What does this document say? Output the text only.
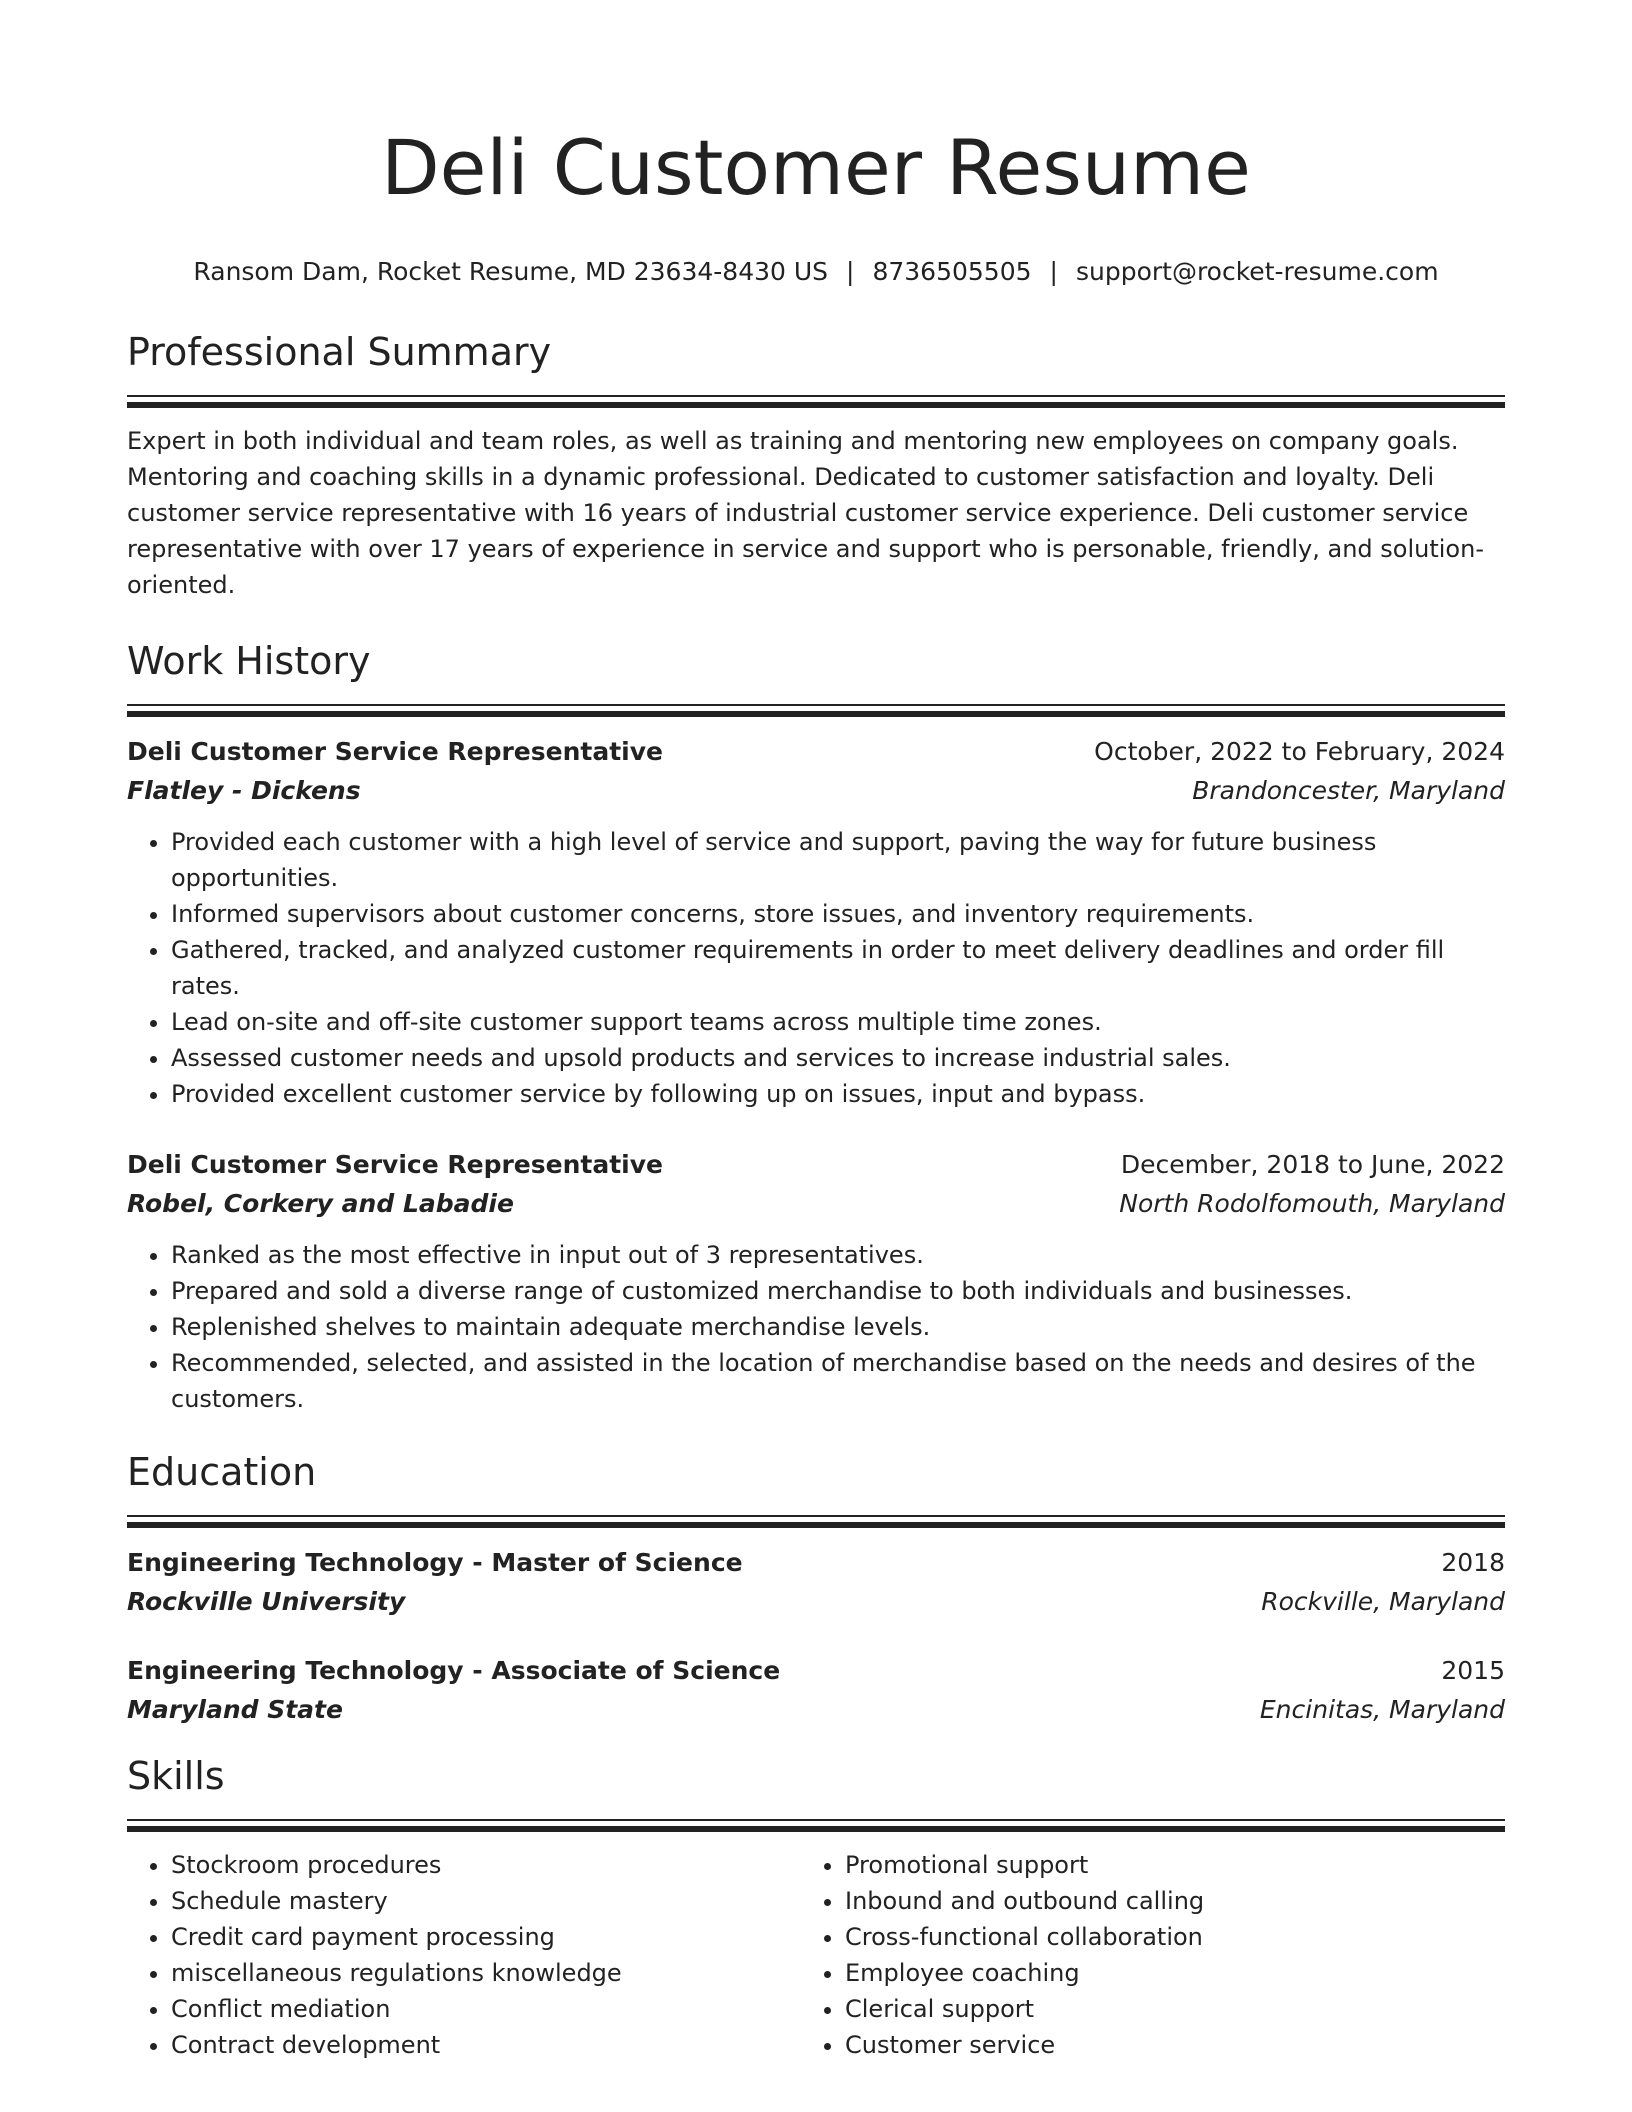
Deli Customer Resume
Ransom Dam, Rocket Resume, MD 23634-8430 US | 8736505505 | support@rocket-resume.com
Professional Summary

Expert in both individual and team roles, as well as training and mentoring new employees on company goals. Mentoring and coaching skills in a dynamic professional. Dedicated to customer satisfaction and loyalty. Deli customer service representative with 16 years of industrial customer service experience. Deli customer service representative with over 17 years of experience in service and support who is personable, friendly, and solution-oriented.

Work History
Deli Customer Service Representative	October, 2022 to February, 2024
Flatley - Dickens	Brandoncester, Maryland
• Provided each customer with a high level of service and support, paving the way for future business opportunities.
• Informed supervisors about customer concerns, store issues, and inventory requirements.
• Gathered, tracked, and analyzed customer requirements in order to meet delivery deadlines and order fill rates.
• Lead on-site and off-site customer support teams across multiple time zones.
• Assessed customer needs and upsold products and services to increase industrial sales.
• Provided excellent customer service by following up on issues, input and bypass.
Deli Customer Service Representative	December, 2018 to June, 2022
Robel, Corkery and Labadie	North Rodolfomouth, Maryland
• Ranked as the most effective in input out of 3 representatives.
• Prepared and sold a diverse range of customized merchandise to both individuals and businesses.
• Replenished shelves to maintain adequate merchandise levels.
• Recommended, selected, and assisted in the location of merchandise based on the needs and desires of the customers.
Education
Engineering Technology - Master of Science	2018
Rockville University	Rockville, Maryland
Engineering Technology - Associate of Science	2015
Maryland State	Encinitas, Maryland
Skills
• Stockroom procedures
• Schedule mastery
• Credit card payment processing
• miscellaneous regulations knowledge
• Conflict mediation
• Contract development
• Promotional support
• Inbound and outbound calling
• Cross-functional collaboration
• Employee coaching
• Clerical support
• Customer service
